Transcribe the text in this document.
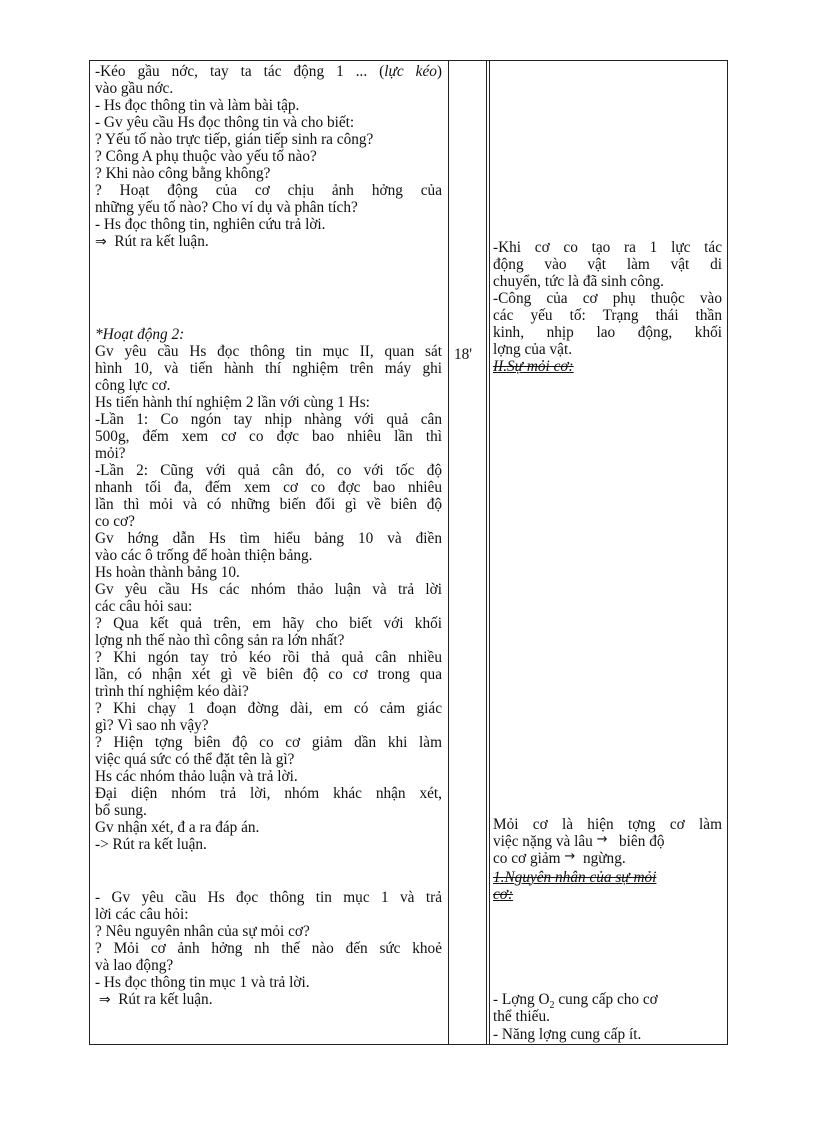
-Kéo gầu nớc, tay ta tác động 1 ... (lực kéo)
vào gầu nớc.
- Hs đọc thông tin và làm bài tập.
- Gv yêu cầu Hs đọc thông tin và cho biết:
? Yếu tố nào trực tiếp, gián tiếp sinh ra công?
? Công A phụ thuộc vào yếu tố nào?
? Khi nào công bằng không?
? Hoạt động của cơ chịu ảnh hởng của
những yếu tố nào? Cho ví dụ và phân tích?
- Hs đọc thông tin, nghiên cứu trả lời.
⇒ Rút ra kết luận.
*Hoạt động 2:
Gv yêu cầu Hs đọc thông tin mục II, quan sát
hình 10, và tiến hành thí nghiệm trên máy ghi
công lực cơ.
Hs tiến hành thí nghiệm 2 lần với cùng 1 Hs:
-Lần 1: Co ngón tay nhịp nhàng với quả cân
500g, đếm xem cơ co đợc bao nhiêu lần thì
mỏi?
-Lần 2: Cũng với quả cân đó, co với tốc độ
nhanh tối đa, đếm xem cơ co đợc bao nhiêu
lần thì mỏi và có những biến đổi gì về biên độ
co cơ?
Gv hớng dẫn Hs tìm hiểu bảng 10 và điền
vào các ô trống để hoàn thiện bảng.
Hs hoàn thành bảng 10.
Gv yêu cầu Hs các nhóm thảo luận và trả lời
các câu hỏi sau:
? Qua kết quả trên, em hãy cho biết với khối
lợng nh thế nào thì công sản ra lớn nhất?
? Khi ngón tay trỏ kéo rồi thả quả cân nhiều
lần, có nhận xét gì về biên độ co cơ trong qua
trình thí nghiệm kéo dài?
? Khi chạy 1 đoạn đờng dài, em có cảm giác
gì? Vì sao nh vậy?
? Hiện tợng biên độ co cơ giảm dần khi làm
việc quá sức có thể đặt tên là gì?
Hs các nhóm thảo luận và trả lời.
Đại diện nhóm trả lời, nhóm khác nhận xét,
bổ sung.
Gv nhận xét, đ a ra đáp án.
-> Rút ra kết luận.
- Gv yêu cầu Hs đọc thông tin mục 1 và trả
lời các câu hỏi:
? Nêu nguyên nhân của sự mỏi cơ?
? Mỏi cơ ảnh hởng nh thế nào đến sức khoẻ
và lao động?
- Hs đọc thông tin mục 1 và trả lời.
⇒ Rút ra kết luận.
18'
-Khi cơ co tạo ra 1 lực tác
động vào vật làm vật di
chuyển, tức là đã sinh công.
-Công của cơ phụ thuộc vào
các yếu tố: Trạng thái thần
kinh, nhịp lao động, khối
lợng của vật.
II.Sự mỏi cơ:
Mỏi cơ là hiện tợng cơ làm
việc nặng và lâu → biên độ
co cơ giảm → ngừng.
1.Nguyên nhân của sự mỏi
cơ:
- Lợng $O_2$ cung cấp cho cơ
thể thiếu.
- Năng lợng cung cấp ít.
